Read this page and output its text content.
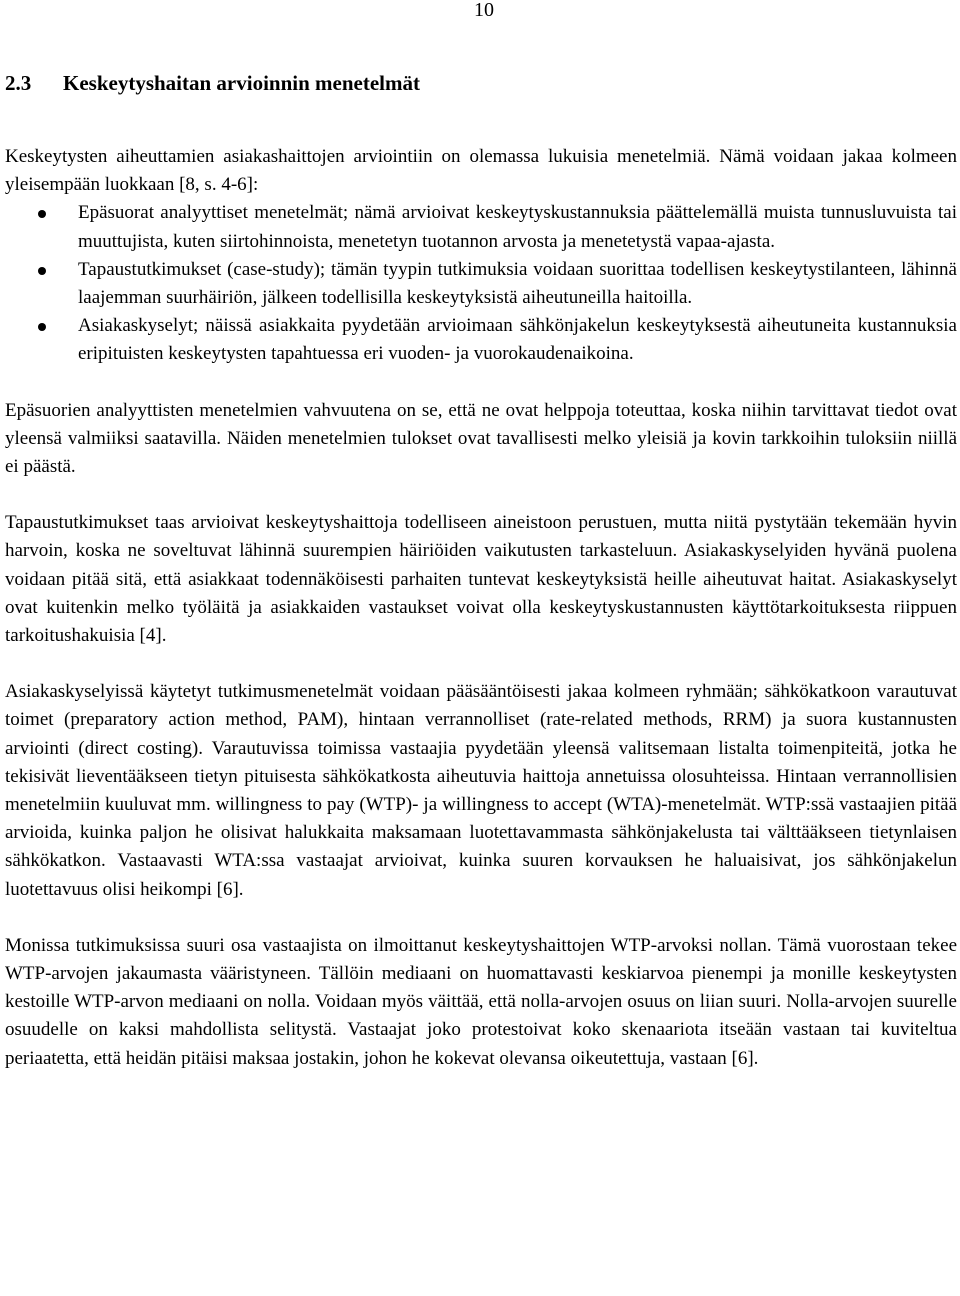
10
2.3 Keskeytyshaitan arvioinnin menetelmät

Keskeytysten aiheuttamien asiakashaittojen arviointiin on olemassa lukuisia menetelmiä. Nämä voidaan jakaa kolmeen yleisempään luokkaan [8, s. 4-6]:

Epäsuorat analyyttiset menetelmät; nämä arvioivat keskeytyskustannuksia päättelemällä muista tunnusluvuista tai muuttujista, kuten siirtohinnoista, menetetyn tuotannon arvosta ja menetetystä vapaa-ajasta.
Tapaustutkimukset (case-study); tämän tyypin tutkimuksia voidaan suorittaa todellisen keskeytystilanteen, lähinnä laajemman suurhäiriön, jälkeen todellisilla keskeytyksistä aiheutuneilla haitoilla.
Asiakaskyselyt; näissä asiakkaita pyydetään arvioimaan sähkönjakelun keskeytyksestä aiheutuneita kustannuksia eripituisten keskeytysten tapahtuessa eri vuoden- ja vuorokaudenaikoina.

Epäsuorien analyyttisten menetelmien vahvuutena on se, että ne ovat helppoja toteuttaa, koska niihin tarvittavat tiedot ovat yleensä valmiiksi saatavilla. Näiden menetelmien tulokset ovat tavallisesti melko yleisiä ja kovin tarkkoihin tuloksiin niillä ei päästä.

Tapaustutkimukset taas arvioivat keskeytyshaittoja todelliseen aineistoon perustuen, mutta niitä pystytään tekemään hyvin harvoin, koska ne soveltuvat lähinnä suurempien häiriöiden vaikutusten tarkasteluun. Asiakaskyselyiden hyvänä puolena voidaan pitää sitä, että asiakkaat todennäköisesti parhaiten tuntevat keskeytyksistä heille aiheutuvat haitat. Asiakaskyselyt ovat kuitenkin melko työläitä ja asiakkaiden vastaukset voivat olla keskeytyskustannusten käyttötarkoituksesta riippuen tarkoitushakuisia [4].

Asiakaskyselyissä käytetyt tutkimusmenetelmät voidaan pääsääntöisesti jakaa kolmeen ryhmään; sähkökatkoon varautuvat toimet (preparatory action method, PAM), hintaan verrannolliset (rate-related methods, RRM) ja suora kustannusten arviointi (direct costing). Varautuvissa toimissa vastaajia pyydetään yleensä valitsemaan listalta toimenpiteitä, jotka he tekisivät lieventääkseen tietyn pituisesta sähkökatkosta aiheutuvia haittoja annetuissa olosuhteissa. Hintaan verrannollisien menetelmiin kuuluvat mm. willingness to pay (WTP)- ja willingness to accept (WTA)-menetelmät. WTP:ssä vastaajien pitää arvioida, kuinka paljon he olisivat halukkaita maksamaan luotettavammasta sähkönjakelusta tai välttääkseen tietynlaisen sähkökatkon. Vastaavasti WTA:ssa vastaajat arvioivat, kuinka suuren korvauksen he haluaisivat, jos sähkönjakelun luotettavuus olisi heikompi [6].

Monissa tutkimuksissa suuri osa vastaajista on ilmoittanut keskeytyshaittojen WTP-arvoksi nollan. Tämä vuorostaan tekee WTP-arvojen jakaumasta vääristyneen. Tällöin mediaani on huomattavasti keskiarvoa pienempi ja monille keskeytysten kestoille WTP-arvon mediaani on nolla. Voidaan myös väittää, että nolla-arvojen osuus on liian suuri. Nolla-arvojen suurelle osuudelle on kaksi mahdollista selitystä. Vastaajat joko protestoivat koko skenaariota itseään vastaan tai kuviteltua periaatetta, että heidän pitäisi maksaa jostakin, johon he kokevat olevansa oikeutettuja, vastaan [6].
